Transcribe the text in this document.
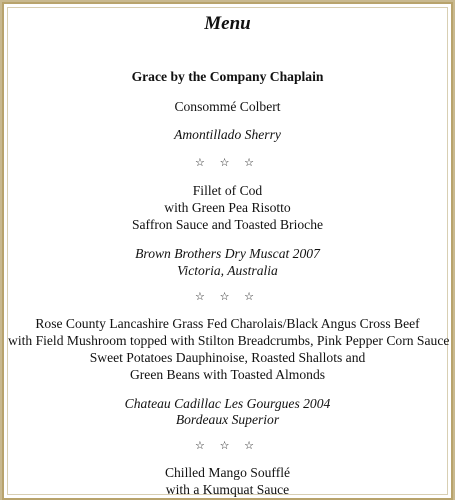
Menu
Grace by the Company Chaplain
Consommé Colbert
Amontillado Sherry
☆ ☆ ☆
Fillet of Cod
with Green Pea Risotto
Saffron Sauce and Toasted Brioche
Brown Brothers Dry Muscat 2007
Victoria, Australia
☆ ☆ ☆
Rose County Lancashire Grass Fed Charolais/Black Angus Cross Beef
with Field Mushroom topped with Stilton Breadcrumbs, Pink Pepper Corn Sauce
Sweet Potatoes Dauphinoise, Roasted Shallots and
Green Beans with Toasted Almonds
Chateau Cadillac Les Gourgues 2004
Bordeaux Superior
☆ ☆ ☆
Chilled Mango Soufflé
with a Kumquat Sauce
